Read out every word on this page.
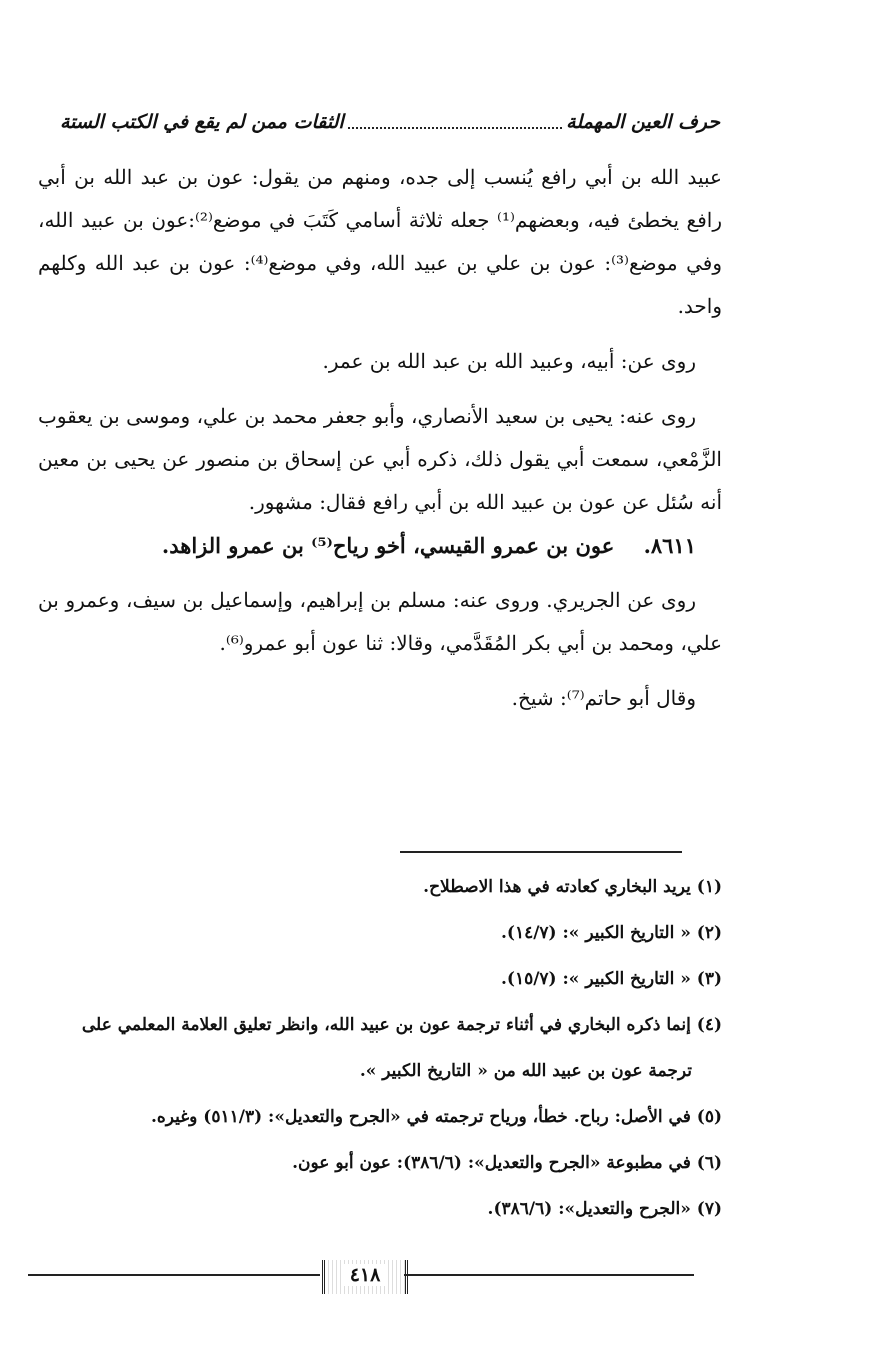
حرف العين المهملة
الثقات ممن لم يقع في الكتب الستة

عبيد الله بن أبي رافع يُنسب إلى جده، ومنهم من يقول: عون بن عبد الله بن أبي رافع يخطئ فيه، وبعضهم⁽¹⁾ جعله ثلاثة أسامي كَتَبَ في موضع⁽²⁾:عون بن عبيد الله، وفي موضع⁽³⁾: عون بن علي بن عبيد الله، وفي موضع⁽⁴⁾: عون بن عبد الله وكلهم واحد.

روى عن: أبيه، وعبيد الله بن عبد الله بن عمر.

روى عنه: يحيى بن سعيد الأنصاري، وأبو جعفر محمد بن علي، وموسى بن يعقوب الزَّمْعي، سمعت أبي يقول ذلك، ذكره أبي عن إسحاق بن منصور عن يحيى بن معين أنه سُئل عن عون بن عبيد الله بن أبي رافع فقال: مشهور.

٨٦١١. عون بن عمرو القيسي، أخو رياح⁽⁵⁾ بن عمرو الزاهد.

روى عن الجريري. وروى عنه: مسلم بن إبراهيم، وإسماعيل بن سيف، وعمرو بن علي، ومحمد بن أبي بكر المُقَدَّمي، وقالا: ثنا عون أبو عمرو⁽⁶⁾.

وقال أبو حاتم⁽⁷⁾: شيخ.

(١) يريد البخاري كعادته في هذا الاصطلاح.

(٢) « التاريخ الكبير »: (١٤/٧).

(٣) « التاريخ الكبير »: (١٥/٧).

(٤) إنما ذكره البخاري في أثناء ترجمة عون بن عبيد الله، وانظر تعليق العلامة المعلمي على

ترجمة عون بن عبيد الله من « التاريخ الكبير ».

(٥) في الأصل: رباح. خطأ، ورياح ترجمته في «الجرح والتعديل»: (٥١١/٣) وغيره.

(٦) في مطبوعة «الجرح والتعديل»: (٣٨٦/٦): عون أبو عون.

(٧) «الجرح والتعديل»: (٣٨٦/٦).

٤١٨
